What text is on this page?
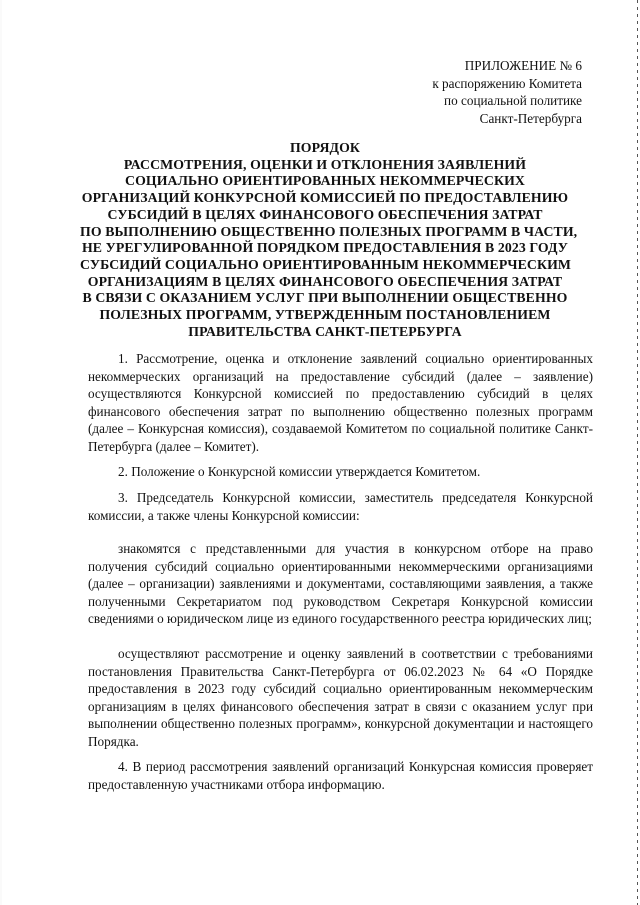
ПРИЛОЖЕНИЕ № 6
к распоряжению Комитета
по социальной политике
Санкт-Петербурга
ПОРЯДОК
РАССМОТРЕНИЯ, ОЦЕНКИ И ОТКЛОНЕНИЯ ЗАЯВЛЕНИЙ
СОЦИАЛЬНО ОРИЕНТИРОВАННЫХ НЕКОММЕРЧЕСКИХ
ОРГАНИЗАЦИЙ КОНКУРСНОЙ КОМИССИЕЙ ПО ПРЕДОСТАВЛЕНИЮ
СУБСИДИЙ В ЦЕЛЯХ ФИНАНСОВОГО ОБЕСПЕЧЕНИЯ ЗАТРАТ
ПО ВЫПОЛНЕНИЮ ОБЩЕСТВЕННО ПОЛЕЗНЫХ ПРОГРАММ В ЧАСТИ,
НЕ УРЕГУЛИРОВАННОЙ ПОРЯДКОМ ПРЕДОСТАВЛЕНИЯ В 2023 ГОДУ
СУБСИДИЙ СОЦИАЛЬНО ОРИЕНТИРОВАННЫМ НЕКОММЕРЧЕСКИМ
ОРГАНИЗАЦИЯМ В ЦЕЛЯХ ФИНАНСОВОГО ОБЕСПЕЧЕНИЯ ЗАТРАТ
В СВЯЗИ С ОКАЗАНИЕМ УСЛУГ ПРИ ВЫПОЛНЕНИИ ОБЩЕСТВЕННО
ПОЛЕЗНЫХ ПРОГРАММ, УТВЕРЖДЕННЫМ ПОСТАНОВЛЕНИЕМ
ПРАВИТЕЛЬСТВА САНКТ-ПЕТЕРБУРГА

1. Рассмотрение, оценка и отклонение заявлений социально ориентированных некоммерческих организаций на предоставление субсидий (далее – заявление) осуществляются Конкурсной комиссией по предоставлению субсидий в целях финансового обеспечения затрат по выполнению общественно полезных программ (далее – Конкурсная комиссия), создаваемой Комитетом по социальной политике Санкт-Петербурга (далее – Комитет).

2. Положение о Конкурсной комиссии утверждается Комитетом.

3. Председатель Конкурсной комиссии, заместитель председателя Конкурсной комиссии, а также члены Конкурсной комиссии:

знакомятся с представленными для участия в конкурсном отборе на право получения субсидий социально ориентированными некоммерческими организациями (далее – организации) заявлениями и документами, составляющими заявления, а также полученными Секретариатом под руководством Секретаря Конкурсной комиссии сведениями о юридическом лице из единого государственного реестра юридических лиц;

осуществляют рассмотрение и оценку заявлений в соответствии с требованиями постановления Правительства Санкт-Петербурга от 06.02.2023 № 64 «О Порядке предоставления в 2023 году субсидий социально ориентированным некоммерческим организациям в целях финансового обеспечения затрат в связи с оказанием услуг при выполнении общественно полезных программ», конкурсной документации и настоящего Порядка.

4. В период рассмотрения заявлений организаций Конкурсная комиссия проверяет предоставленную участниками отбора информацию.
